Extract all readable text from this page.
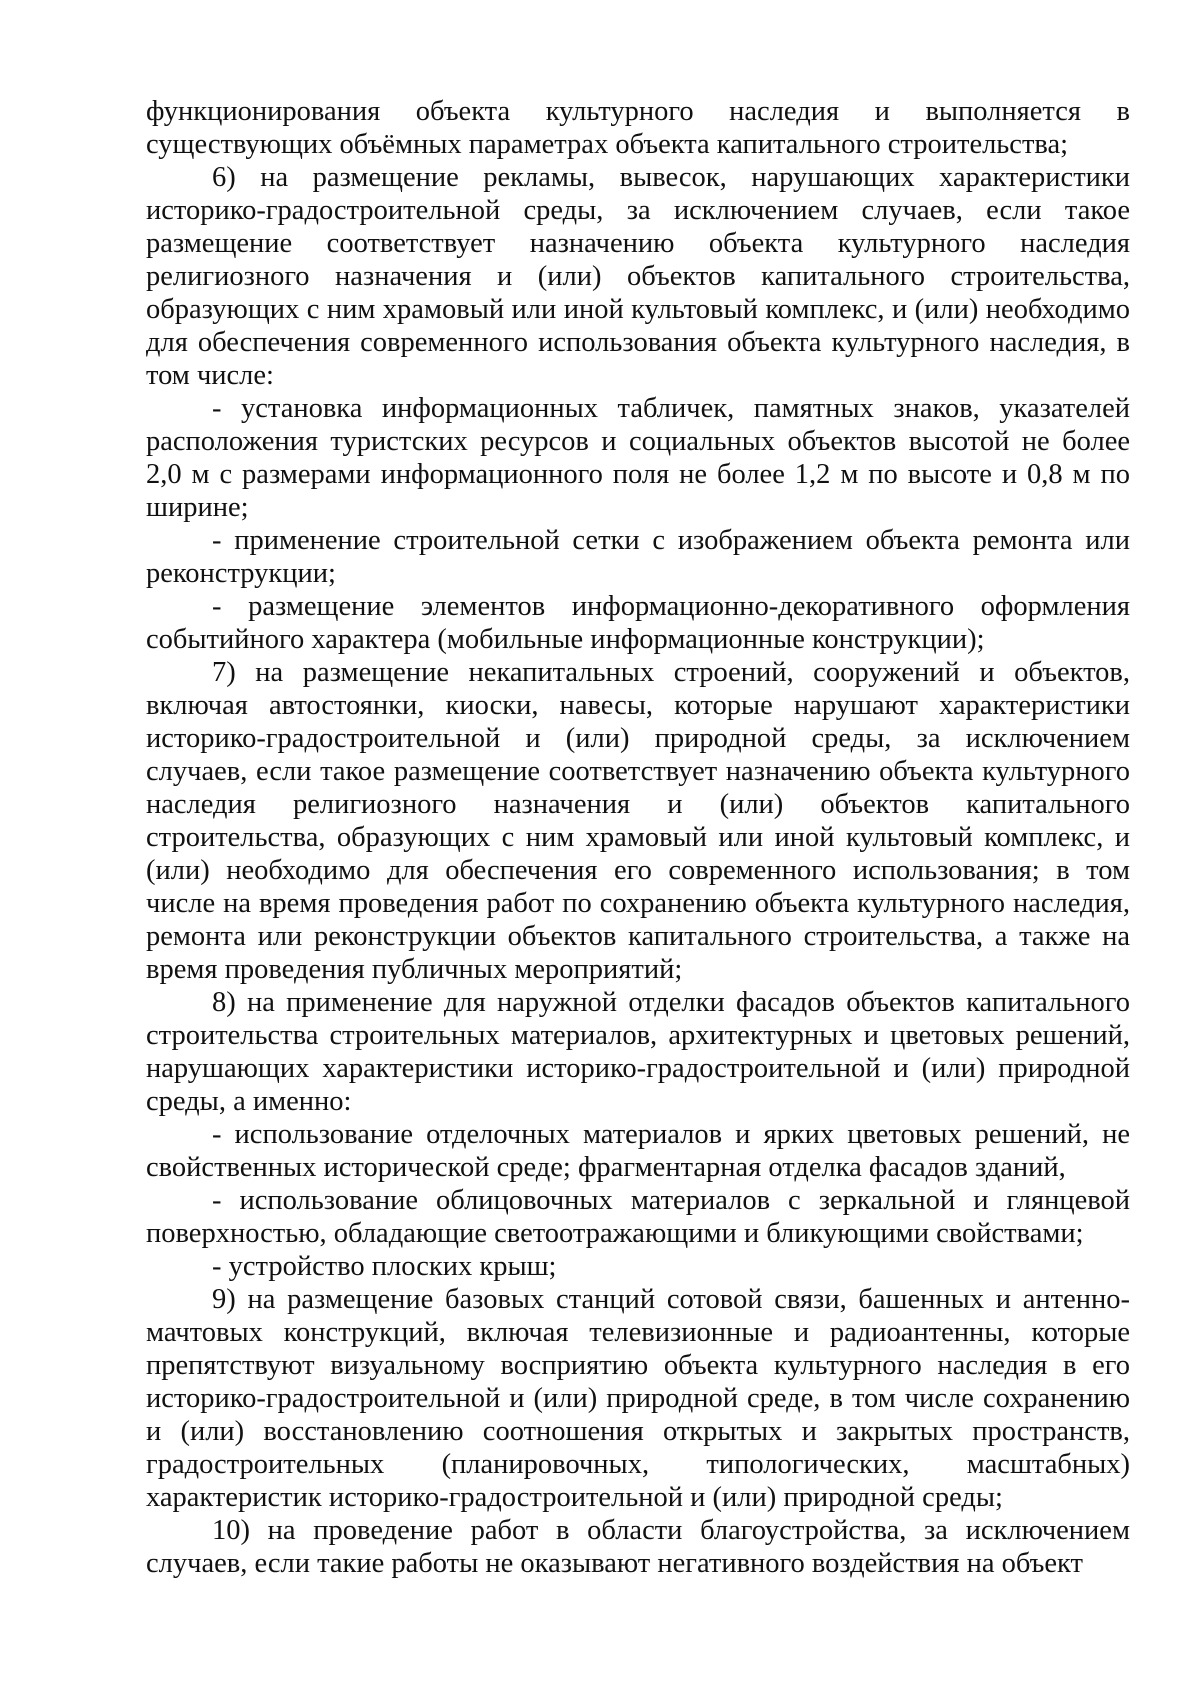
функционирования объекта культурного наследия и выполняется в существующих объёмных параметрах объекта капитального строительства;

6) на размещение рекламы, вывесок, нарушающих характеристики историко-градостроительной среды, за исключением случаев, если такое размещение соответствует назначению объекта культурного наследия религиозного назначения и (или) объектов капитального строительства, образующих с ним храмовый или иной культовый комплекс, и (или) необходимо для обеспечения современного использования объекта культурного наследия, в том числе:

- установка информационных табличек, памятных знаков, указателей расположения туристских ресурсов и социальных объектов высотой не более 2,0 м с размерами информационного поля не более 1,2 м по высоте и 0,8 м по ширине;

- применение строительной сетки с изображением объекта ремонта или реконструкции;

- размещение элементов информационно-декоративного оформления событийного характера (мобильные информационные конструкции);

7) на размещение некапитальных строений, сооружений и объектов, включая автостоянки, киоски, навесы, которые нарушают характеристики историко-градостроительной и (или) природной среды, за исключением случаев, если такое размещение соответствует назначению объекта культурного наследия религиозного назначения и (или) объектов капитального строительства, образующих с ним храмовый или иной культовый комплекс, и (или) необходимо для обеспечения его современного использования; в том числе на время проведения работ по сохранению объекта культурного наследия, ремонта или реконструкции объектов капитального строительства, а также на время проведения публичных мероприятий;

8) на применение для наружной отделки фасадов объектов капитального строительства строительных материалов, архитектурных и цветовых решений, нарушающих характеристики историко-градостроительной и (или) природной среды, а именно:

- использование отделочных материалов и ярких цветовых решений, не свойственных исторической среде; фрагментарная отделка фасадов зданий,

- использование облицовочных материалов с зеркальной и глянцевой поверхностью, обладающие светоотражающими и бликующими свойствами;

- устройство плоских крыш;

9) на размещение базовых станций сотовой связи, башенных и антенно-мачтовых конструкций, включая телевизионные и радиоантенны, которые препятствуют визуальному восприятию объекта культурного наследия в его историко-градостроительной и (или) природной среде, в том числе сохранению и (или) восстановлению соотношения открытых и закрытых пространств, градостроительных (планировочных, типологических, масштабных) характеристик историко-градостроительной и (или) природной среды;

10) на проведение работ в области благоустройства, за исключением случаев, если такие работы не оказывают негативного воздействия на объект
